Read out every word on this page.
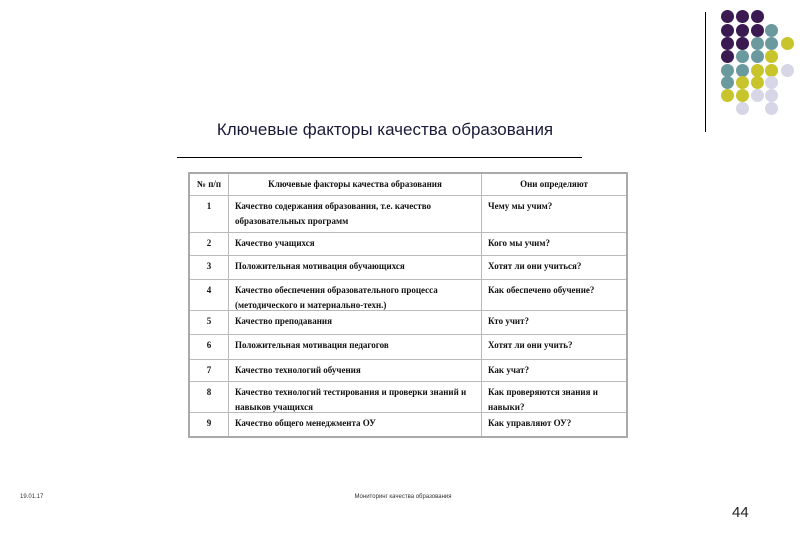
Ключевые факторы качества образования
№ п/п	Ключевые факторы качества образования	Они определяют

1	Качество содержания образования, т.е. качество образовательных программ	Чему мы учим?

2	Качество учащихся	Кого мы учим?

3	Положительная мотивация обучающихся	Хотят ли они учиться?

4	Качество обеспечения образовательного процесса (методического и материально-техн.)	Как обеспечено обучение?

5	Качество преподавания	Кто учит?

6	Положительная мотивация педагогов	Хотят ли они учить?

7	Качество технологий обучения	Как учат?

8	Качество технологий тестирования и проверки знаний и навыков учащихся	Как проверяются знания и навыки?

9	Качество общего менеджмента ОУ	Как управляют ОУ?
19.01.17	Мониторинг качества образования
44
